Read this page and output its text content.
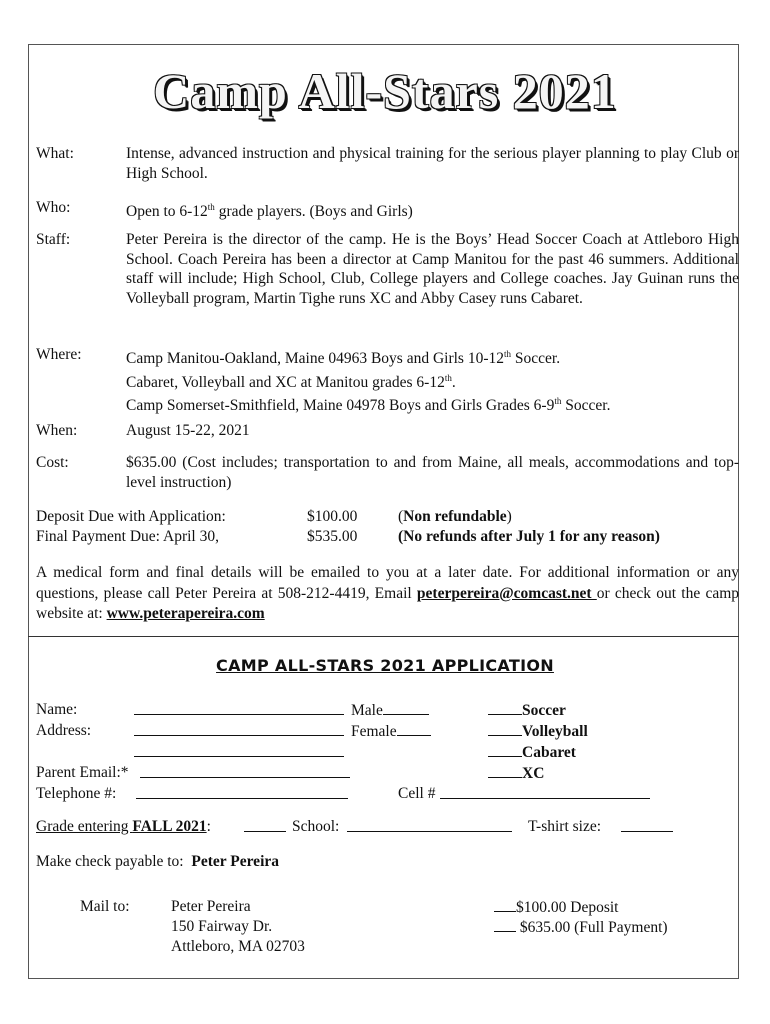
Camp All-Stars 2021
What:	Intense, advanced instruction and physical training for the serious player planning to play Club or High School.
Who:	Open to 6-12th grade players. (Boys and Girls)
Staff:	Peter Pereira is the director of the camp. He is the Boys’ Head Soccer Coach at Attleboro High School. Coach Pereira has been a director at Camp Manitou for the past 46 summers. Additional staff will include; High School, Club, College players and College coaches. Jay Guinan runs the Volleyball program, Martin Tighe runs XC and Abby Casey runs Cabaret.
Where:	Camp Manitou-Oakland, Maine 04963 Boys and Girls 10-12th Soccer.
Cabaret, Volleyball and XC at Manitou grades 6-12th.
Camp Somerset-Smithfield, Maine 04978 Boys and Girls Grades 6-9th Soccer.
When:	August 15-22, 2021
Cost:	$635.00 (Cost includes; transportation to and from Maine, all meals, accommodations and top-level instruction)
Deposit Due with Application:	$100.00	(Non refundable)
Final Payment Due: April 30,	$535.00	(No refunds after July 1 for any reason)
A medical form and final details will be emailed to you at a later date. For additional information or any questions, please call Peter Pereira at 508-212-4419, Email peterpereira@comcast.net or check out the camp website at: www.peterapereira.com
CAMP ALL-STARS 2021 APPLICATION
Name:	Male	Soccer
Address:	Female	Volleyball
Cabaret
Parent Email:*	XC
Telephone #:	Cell #
Grade entering FALL 2021:	School:	T-shirt size:
Make check payable to: Peter Pereira
Mail to:	Peter Pereira
150 Fairway Dr.
Attleboro, MA 02703
$100.00 Deposit
$635.00 (Full Payment)
